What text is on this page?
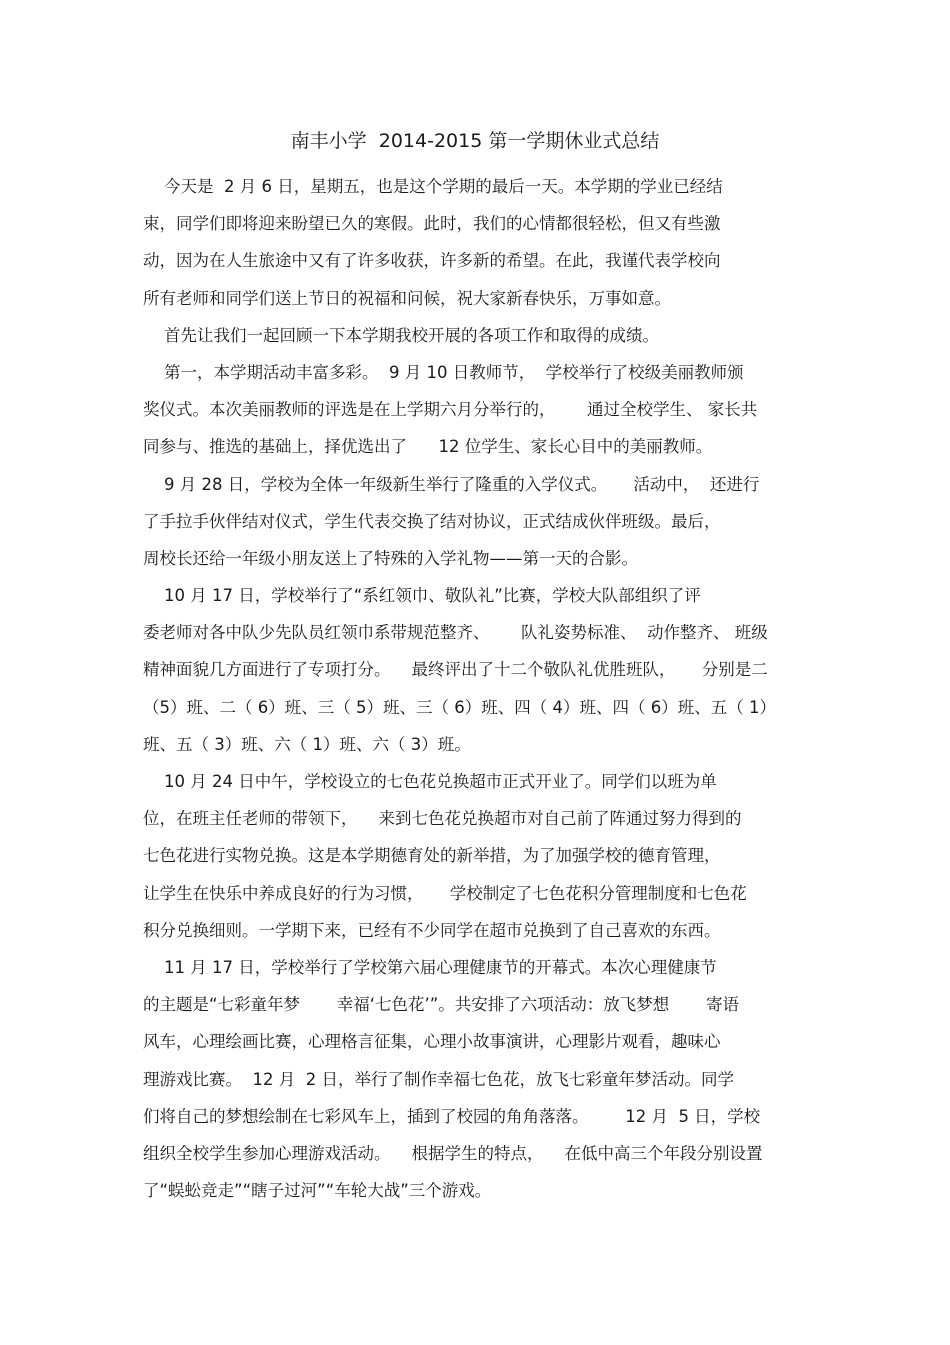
南丰小学  2014-2015 第一学期休业式总结
今天是  2 月 6 日，星期五，也是这个学期的最后一天。本学期的学业已经结
束，同学们即将迎来盼望已久的寒假。此时，我们的心情都很轻松，但又有些激
动，因为在人生旅途中又有了许多收获，许多新的希望。在此，我谨代表学校向
所有老师和同学们送上节日的祝福和问候，祝大家新春快乐，万事如意。
首先让我们一起回顾一下本学期我校开展的各项工作和取得的成绩。
第一，本学期活动丰富多彩。  9 月 10 日教师节，  学校举行了校级美丽教师颁
奖仪式。本次美丽教师的评选是在上学期六月分举行的，      通过全校学生、 家长共
同参与、推选的基础上，择优选出了      12 位学生、家长心目中的美丽教师。
9 月 28 日，学校为全体一年级新生举行了隆重的入学仪式。     活动中，  还进行
了手拉手伙伴结对仪式，学生代表交换了结对协议，正式结成伙伴班级。最后，
周校长还给一年级小朋友送上了特殊的入学礼物——第一天的合影。
10 月 17 日，学校举行了“系红领巾、敬队礼”比赛，学校大队部组织了评
委老师对各中队少先队员红领巾系带规范整齐、      队礼姿势标准、  动作整齐、 班级
精神面貌几方面进行了专项打分。    最终评出了十二个敬队礼优胜班队，     分别是二
（5）班、二（ 6）班、三（ 5）班、三（ 6）班、四（ 4）班、四（ 6）班、五（ 1）
班、五（ 3）班、六（ 1）班、六（ 3）班。
10 月 24 日中午，学校设立的七色花兑换超市正式开业了。同学们以班为单
位，在班主任老师的带领下，    来到七色花兑换超市对自己前了阵通过努力得到的
七色花进行实物兑换。这是本学期德育处的新举措，为了加强学校的德育管理，
让学生在快乐中养成良好的行为习惯，     学校制定了七色花积分管理制度和七色花
积分兑换细则。一学期下来，已经有不少同学在超市兑换到了自己喜欢的东西。
11 月 17 日，学校举行了学校第六届心理健康节的开幕式。本次心理健康节
的主题是“七彩童年梦       幸福‘七色花’”。共安排了六项活动：放飞梦想       寄语
风车，心理绘画比赛，心理格言征集，心理小故事演讲，心理影片观看，趣味心
理游戏比赛。  12 月  2 日，举行了制作幸福七色花，放飞七彩童年梦活动。同学
们将自己的梦想绘制在七彩风车上，插到了校园的角角落落。       12 月  5 日，学校
组织全校学生参加心理游戏活动。    根据学生的特点，    在低中高三个年段分别设置
了“蜈蚣竞走”“瞎子过河”“车轮大战”三个游戏。
